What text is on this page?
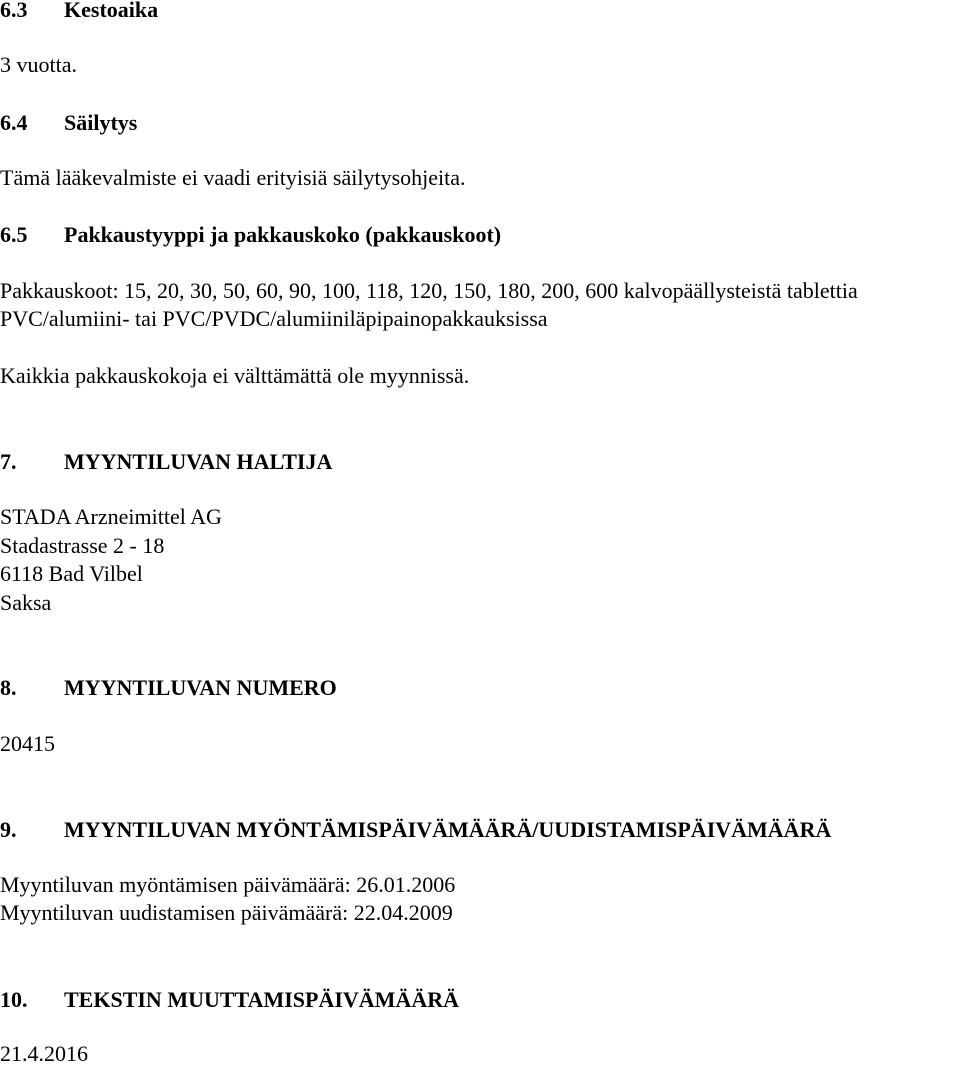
6.3 Kestoaika
3 vuotta.
6.4 Säilytys
Tämä lääkevalmiste ei vaadi erityisiä säilytysohjeita.
6.5 Pakkaustyyppi ja pakkauskoko (pakkauskoot)
Pakkauskoot: 15, 20, 30, 50, 60, 90, 100, 118, 120, 150, 180, 200, 600 kalvopäällysteistä tablettia
PVC/alumiini- tai PVC/PVDC/alumiiniläpipainopakkauksissa
Kaikkia pakkauskokoja ei välttämättä ole myynnissä.
7. MYYNTILUVAN HALTIJA
STADA Arzneimittel AG
Stadastrasse 2 - 18
6118 Bad Vilbel
Saksa
8. MYYNTILUVAN NUMERO
20415
9. MYYNTILUVAN MYÖNTÄMISPÄIVÄMÄÄRÄ/UUDISTAMISPÄIVÄMÄÄRÄ
Myyntiluvan myöntämisen päivämäärä: 26.01.2006
Myyntiluvan uudistamisen päivämäärä: 22.04.2009
10. TEKSTIN MUUTTAMISPÄIVÄMÄÄRÄ
21.4.2016
